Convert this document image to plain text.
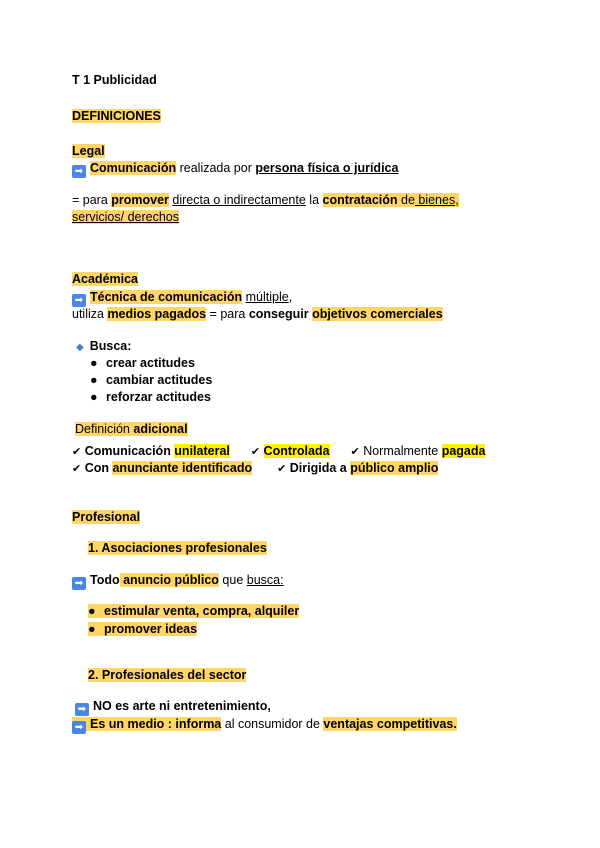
T 1 Publicidad
DEFINICIONES
Legal
➡ Comunicación realizada por persona física o jurídica
= para promover directa o indirectamente la contratación de bienes,
servicios/ derechos
Académica
➡ Técnica de comunicación múltiple,
utiliza medios pagados = para conseguir objetivos comerciales
◆ Busca:
● crear actitudes
● cambiar actitudes
● reforzar actitudes
Definición adicional
✔ Comunicación unilateral ✔ Controlada ✔ Normalmente pagada
✔ Con anunciante identificado ✔ Dirigida a público amplio
Profesional
1. Asociaciones profesionales
➡ Todo anuncio público que busca:
● estimular venta, compra, alquiler
● promover ideas
2. Profesionales del sector
➡ NO es arte ni entretenimiento,
➡ Es un medio : informa al consumidor de ventajas competitivas.
